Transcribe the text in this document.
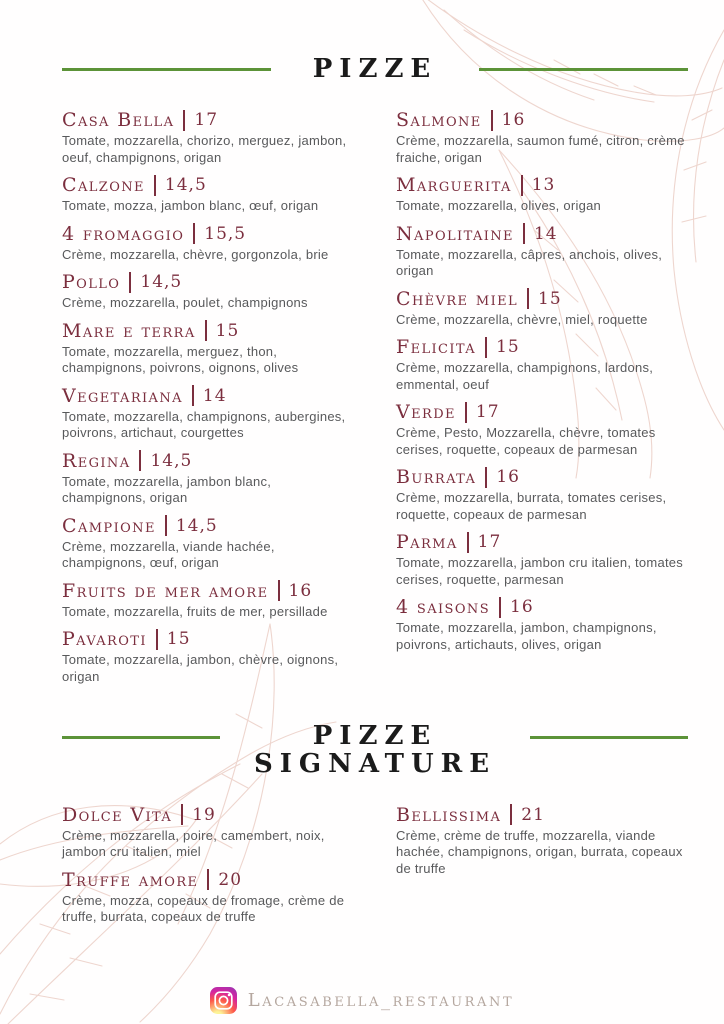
PIZZE
Casa Bella 17

Tomate, mozzarella, chorizo, merguez, jambon, oeuf, champignons, origan

Calzone 14,5

Tomate, mozza, jambon blanc, œuf, origan

4 fromaggio 15,5

Crème, mozzarella, chèvre, gorgonzola, brie

Pollo 14,5

Crème, mozzarella, poulet, champignons

Mare e terra 15

Tomate, mozzarella, merguez, thon, champignons, poivrons, oignons, olives

Vegetariana 14

Tomate, mozzarella, champignons, aubergines, poivrons, artichaut, courgettes

Regina 14,5

Tomate, mozzarella, jambon blanc, champignons, origan

Campione 14,5

Crème, mozzarella, viande hachée, champignons, œuf, origan

Fruits de mer amore 16

Tomate, mozzarella, fruits de mer, persillade

Pavaroti 15

Tomate, mozzarella, jambon, chèvre, oignons, origan

Salmone 16

Crème, mozzarella, saumon fumé, citron, crème fraiche, origan

Marguerita 13

Tomate, mozzarella, olives, origan

Napolitaine 14

Tomate, mozzarella, câpres, anchois, olives, origan

Chèvre miel 15

Crème, mozzarella, chèvre, miel, roquette

Felicita 15

Crème, mozzarella, champignons, lardons, emmental, oeuf

Verde 17

Crème, Pesto, Mozzarella, chèvre, tomates cerises, roquette, copeaux de parmesan

Burrata 16

Crème, mozzarella, burrata, tomates cerises, roquette, copeaux de parmesan

Parma 17

Tomate, mozzarella, jambon cru italien, tomates cerises, roquette, parmesan

4 saisons 16

Tomate, mozzarella, jambon, champignons, poivrons, artichauts, olives, origan

PIZZE
SIGNATURE
Dolce Vita 19

Crème, mozzarella, poire, camembert, noix, jambon cru italien, miel

Truffe amore 20

Crème, mozza, copeaux de fromage, crème de truffe, burrata, copeaux de truffe

Bellissima 21

Crème, crème de truffe, mozzarella, viande hachée, champignons, origan, burrata, copeaux de truffe

Lacasabella_restaurant
